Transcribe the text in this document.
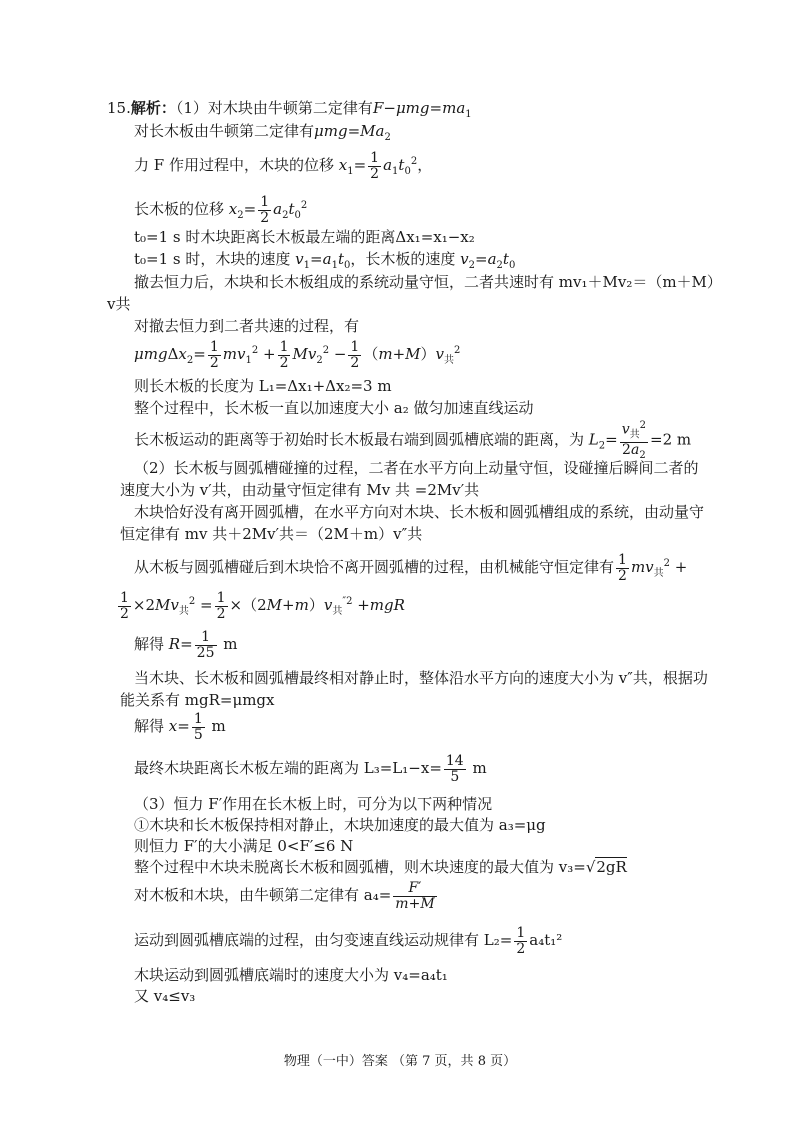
15.解析：（1）对木块由牛顿第二定律有$F-\mu mg=ma_1$
对长木板由牛顿第二定律有$\mu mg=Ma_2$
力 F 作用过程中，木块的位移 $x_1= \frac{1}{2} a_1t_0^2$，
长木板的位移 $x_2= \frac{1}{2} a_2t_0^2$
t₀=1 s 时木块距离长木板最左端的距离Δx₁=x₁−x₂
t₀=1 s 时，木块的速度 $v_1=a_1t_0$，长木板的速度 $v_2=a_2t_0$
撤去恒力后，木块和长木板组成的系统动量守恒，二者共速时有 mv₁＋Mv₂＝（m＋M）
v共
对撤去恒力到二者共速的过程，有
$\mu mg\Delta x_2= \frac{1}{2} mv_1^2 + \frac{1}{2} Mv_2^2 - \frac{1}{2} (m+M)v_共^2$
则长木板的长度为 L₁=Δx₁+Δx₂=3 m
整个过程中，长木板一直以加速度大小 a₂ 做匀加速直线运动
长木板运动的距离等于初始时长木板最右端到圆弧槽底端的距离，为 $L_2= \frac{v_共^2}{2a_2} =2$ m
（2）长木板与圆弧槽碰撞的过程，二者在水平方向上动量守恒，设碰撞后瞬间二者的
速度大小为 v′共，由动量守恒定律有 Mv 共 =2Mv′共
木块恰好没有离开圆弧槽，在水平方向对木块、长木板和圆弧槽组成的系统，由动量守
恒定律有 mv 共＋2Mv′共＝（2M＋m）v″共
从木板与圆弧槽碰后到木块恰不离开圆弧槽的过程，由机械能守恒定律有 $\frac{1}{2} mv_共^2$ +
$\frac{1}{2} \times 2Mv_共^2 = \frac{1}{2} \times(2M+m)v_共^{''2} +mgR$
解得 $R= \frac{1}{25}$ m
当木块、长木板和圆弧槽最终相对静止时，整体沿水平方向的速度大小为 v″共，根据功
能关系有 mgR=μmgx
解得 $x= \frac{1}{5}$ m
最终木块距离长木板左端的距离为 $L_3=L_1-x= \frac{14}{5}$ m
（3）恒力 F′作用在长木板上时，可分为以下两种情况
①木块和长木板保持相对静止，木块加速度的最大值为 a₃=μg
则恒力 F′的大小满足 0<F′≤6 N
整个过程中木块未脱离长木板和圆弧槽，则木块速度的最大值为 v₃=√2gR
对木板和木块，由牛顿第二定律有 $a_4= \frac{F'}{m+M}$
运动到圆弧槽底端的过程，由匀变速直线运动规律有 $L_2= \frac{1}{2} a_4t_1^2$
木块运动到圆弧槽底端时的速度大小为 v₄=a₄t₁
又 v₄≤v₃
物理（一中）答案 （第 7 页，共 8 页）
